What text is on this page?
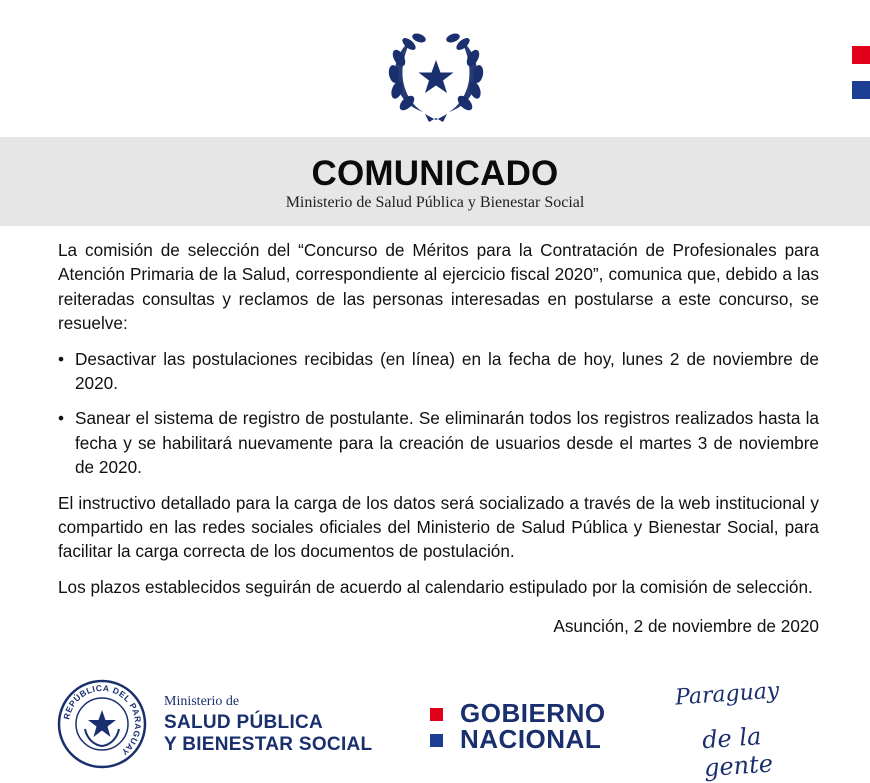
COMUNICADO
Ministerio de Salud Pública y Bienestar Social

La comisión de selección del “Concurso de Méritos para la Contratación de Profesionales para Atención Primaria de la Salud, correspondiente al ejercicio fiscal 2020”, comunica que, debido a las reiteradas consultas y reclamos de las personas interesadas en postularse a este concurso, se resuelve:

• Desactivar las postulaciones recibidas (en línea) en la fecha de hoy, lunes 2 de noviembre de 2020.
• Sanear el sistema de registro de postulante. Se eliminarán todos los registros realizados hasta la fecha y se habilitará nuevamente para la creación de usuarios desde el martes 3 de noviembre de 2020.

El instructivo detallado para la carga de los datos será socializado a través de la web institucional y compartido en las redes sociales oficiales del Ministerio de Salud Pública y Bienestar Social, para facilitar la carga correcta de los documentos de postulación.

Los plazos establecidos seguirán de acuerdo al calendario estipulado por la comisión de selección.

Asunción, 2 de noviembre de 2020

REPÚBLICA DEL PARAGUAY
Ministerio de
SALUD PÚBLICA
Y BIENESTAR SOCIAL
GOBIERNO
NACIONAL
Paraguay
de la gente
